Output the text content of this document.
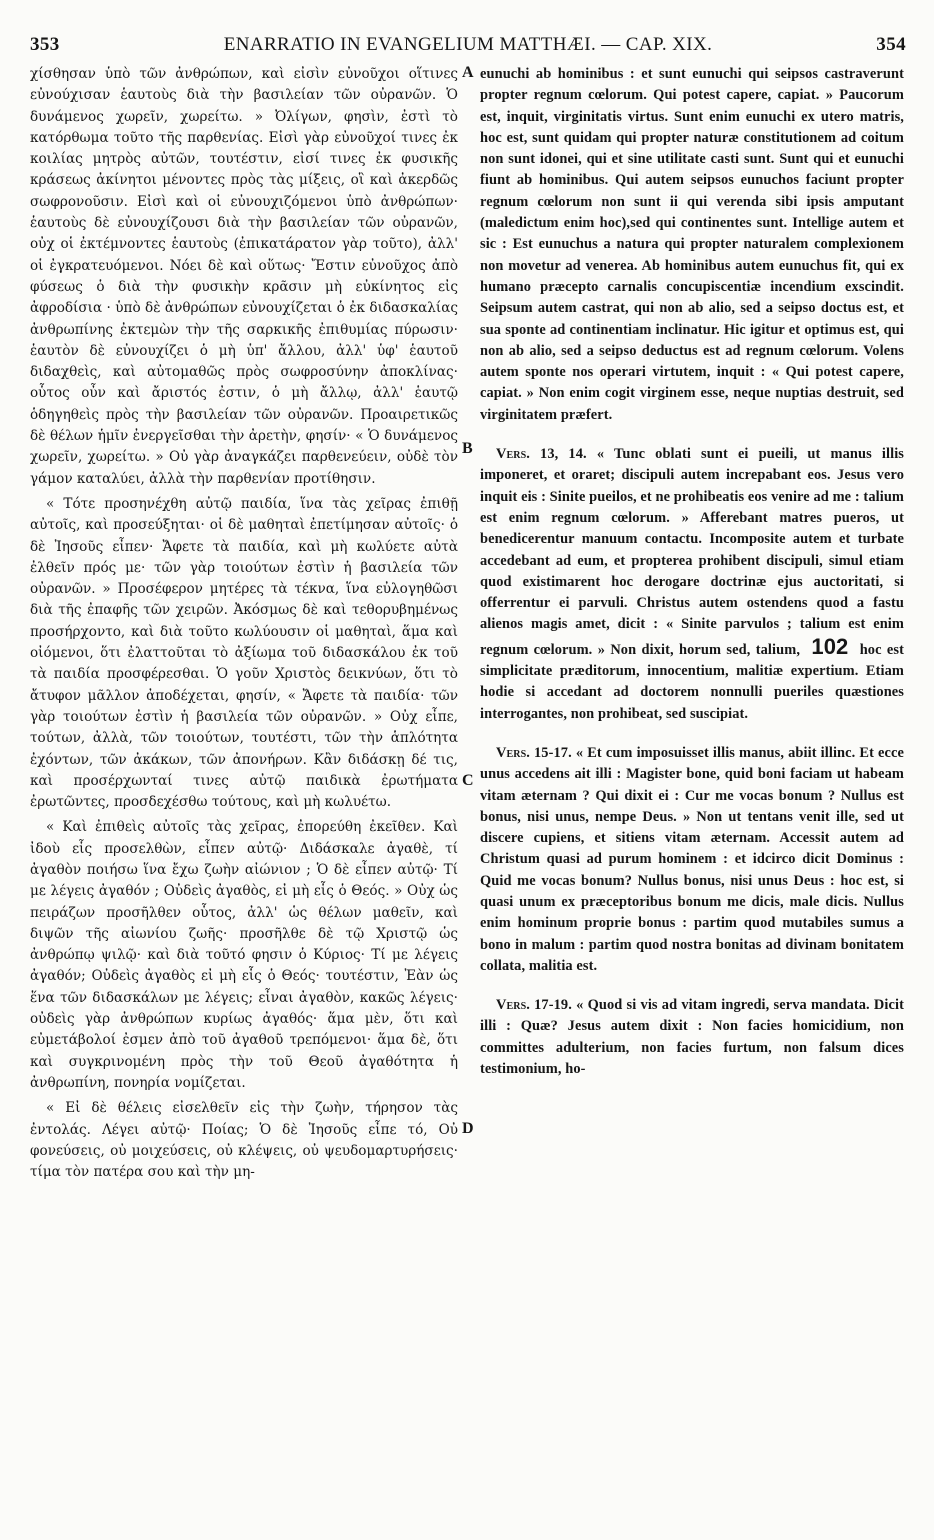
353	ENARRATIO IN EVANGELIUM MATTHÆI. — CAP. XIX.	354

χίσθησαν ὑπὸ τῶν ἀνθρώπων, καὶ εἰσὶν εὐνοῦχοι οἵτινες εὐνούχισαν ἑαυτοὺς διὰ τὴν βασιλείαν τῶν οὐρανῶν. Ὁ δυνάμενος χωρεῖν, χωρείτω. » Ὀλίγων, φησὶν, ἐστὶ τὸ κατόρθωμα τοῦτο τῆς παρθενίας. Εἰσὶ γὰρ εὐνοῦχοί τινες ἐκ κοιλίας μητρὸς αὐτῶν, τουτέστιν, εἰσί τινες ἐκ φυσικῆς κράσεως ἀκίνητοι μένοντες πρὸς τὰς μίξεις, οἳ καὶ ἀκερδῶς σωφρονοῦσιν. Εἰσὶ καὶ οἱ εὐνουχιζόμενοι ὑπὸ ἀνθρώπων· ἑαυτοὺς δὲ εὐνουχίζουσι διὰ τὴν βασιλείαν τῶν οὐρανῶν, οὐχ οἱ ἐκτέμνοντες ἑαυτοὺς (ἐπικατάρατον γὰρ τοῦτο), ἀλλ' οἱ ἐγκρατευόμενοι. Νόει δὲ καὶ οὕτως· Ἔστιν εὐνοῦχος ἀπὸ φύσεως ὁ διὰ τὴν φυσικὴν κρᾶσιν μὴ εὐκίνητος εἰς ἀφροδίσια · ὑπὸ δὲ ἀνθρώπων εὐνουχίζεται ὁ ἐκ διδασκαλίας ἀνθρωπίνης ἐκτεμὼν τὴν τῆς σαρκικῆς ἐπιθυμίας πύρωσιν· ἑαυτὸν δὲ εὐνουχίζει ὁ μὴ ὑπ' ἄλλου, ἀλλ' ὑφ' ἑαυτοῦ διδαχθεὶς, καὶ αὐτομαθῶς πρὸς σωφροσύνην ἀποκλίνας· οὗτος οὖν καὶ ἄριστός ἐστιν, ὁ μὴ ἄλλῳ, ἀλλ' ἑαυτῷ ὁδηγηθεὶς πρὸς τὴν βασιλείαν τῶν οὐρανῶν. Προαιρετικῶς δὲ θέλων ἡμῖν ἐνεργεῖσθαι τὴν ἀρετὴν, φησίν· « Ὁ δυνάμενος χωρεῖν, χωρείτω. » Οὐ γὰρ ἀναγκάζει παρθενεύειν, οὐδὲ τὸν γάμον καταλύει, ἀλλὰ τὴν παρθενίαν προτίθησιν.

« Τότε προσηνέχθη αὐτῷ παιδία, ἵνα τὰς χεῖρας ἐπιθῇ αὐτοῖς, καὶ προσεύξηται· οἱ δὲ μαθηταὶ ἐπετίμησαν αὐτοῖς· ὁ δὲ Ἰησοῦς εἶπεν· Ἄφετε τὰ παιδία, καὶ μὴ κωλύετε αὐτὰ ἐλθεῖν πρός με· τῶν γὰρ τοιούτων ἐστὶν ἡ βασιλεία τῶν οὐρανῶν. » Προσέφερον μητέρες τὰ τέκνα, ἵνα εὐλογηθῶσι διὰ τῆς ἐπαφῆς τῶν χειρῶν. Ἀκόσμως δὲ καὶ τεθορυβημένως προσήρχοντο, καὶ διὰ τοῦτο κωλύουσιν οἱ μαθηταὶ, ἅμα καὶ οἰόμενοι, ὅτι ἐλαττοῦται τὸ ἀξίωμα τοῦ διδασκάλου ἐκ τοῦ τὰ παιδία προσφέρεσθαι. Ὁ γοῦν Χριστὸς δεικνύων, ὅτι τὸ ἄτυφον μᾶλλον ἀποδέχεται, φησίν, « Ἄφετε τὰ παιδία· τῶν γὰρ τοιούτων ἐστὶν ἡ βασιλεία τῶν οὐρανῶν. » Οὐχ εἶπε, τούτων, ἀλλὰ, τῶν τοιούτων, τουτέστι, τῶν τὴν ἁπλότητα ἐχόντων, τῶν ἀκάκων, τῶν ἀπονήρων. Κἂν διδάσκῃ δέ τις, καὶ προσέρχωνταί τινες αὐτῷ παιδικὰ ἐρωτήματα ἐρωτῶντες, προσδεχέσθω τούτους, καὶ μὴ κωλυέτω.

« Καὶ ἐπιθεὶς αὐτοῖς τὰς χεῖρας, ἐπορεύθη ἐκεῖθεν. Καὶ ἰδοὺ εἷς προσελθὼν, εἶπεν αὐτῷ· Διδάσκαλε ἀγαθὲ, τί ἀγαθὸν ποιήσω ἵνα ἔχω ζωὴν αἰώνιον ; Ὁ δὲ εἶπεν αὐτῷ· Τί με λέγεις ἀγαθόν ; Οὐδεὶς ἀγαθὸς, εἰ μὴ εἷς ὁ Θεός. » Οὐχ ὡς πειράζων προσῆλθεν οὗτος, ἀλλ' ὡς θέλων μαθεῖν, καὶ διψῶν τῆς αἰωνίου ζωῆς· προσῆλθε δὲ τῷ Χριστῷ ὡς ἀνθρώπῳ ψιλῷ· καὶ διὰ τοῦτό φησιν ὁ Κύριος· Τί με λέγεις ἀγαθόν; Οὐδεὶς ἀγαθὸς εἰ μὴ εἷς ὁ Θεός· τουτέστιν, Ἐὰν ὡς ἕνα τῶν διδασκάλων με λέγεις; εἶναι ἀγαθὸν, κακῶς λέγεις· οὐδεὶς γὰρ ἀνθρώπων κυρίως ἀγαθός· ἅμα μὲν, ὅτι καὶ εὐμετάβολοί ἐσμεν ἀπὸ τοῦ ἀγαθοῦ τρεπόμενοι· ἅμα δὲ, ὅτι καὶ συγκρινομένη πρὸς τὴν τοῦ Θεοῦ ἀγαθότητα ἡ ἀνθρωπίνη, πονηρία νομίζεται.

« Εἰ δὲ θέλεις εἰσελθεῖν εἰς τὴν ζωὴν, τήρησον τὰς ἐντολάς. Λέγει αὐτῷ· Ποίας; Ὁ δὲ Ἰησοῦς εἶπε τό, Οὐ φονεύσεις, οὐ μοιχεύσεις, οὐ κλέψεις, οὐ ψευδομαρτυρήσεις· τίμα τὸν πατέρα σου καὶ τὴν μη-

A
B
C
D

eunuchi ab hominibus : et sunt eunuchi qui seipsos castraverunt propter regnum cœlorum. Qui potest capere, capiat. » Paucorum est, inquit, virginitatis virtus. Sunt enim eunuchi ex utero matris, hoc est, sunt quidam qui propter naturæ constitutionem ad coitum non sunt idonei, qui et sine utilitate casti sunt. Sunt qui et eunuchi fiunt ab hominibus. Qui autem seipsos eunuchos faciunt propter regnum cœlorum non sunt ii qui verenda sibi ipsis amputant (maledictum enim hoc),sed qui continentes sunt. Intellige autem et sic : Est eunuchus a natura qui propter naturalem complexionem non movetur ad venerea. Ab hominibus autem eunuchus fit, qui ex humano præcepto carnalis concupiscentiæ incendium exscindit. Seipsum autem castrat, qui non ab alio, sed a seipso doctus est, et sua sponte ad continentiam inclinatur. Hic igitur et optimus est, qui non ab alio, sed a seipso deductus est ad regnum cœlorum. Volens autem sponte nos operari virtutem, inquit : « Qui potest capere, capiat. » Non enim cogit virginem esse, neque nuptias destruit, sed virginitatem præfert.

Vers. 13, 14. « Tunc oblati sunt ei pueili, ut manus illis imponeret, et oraret; discipuli autem increpabant eos. Jesus vero inquit eis : Sinite pueilos, et ne prohibeatis eos venire ad me : talium est enim regnum cœlorum. » Afferebant matres pueros, ut benedicerentur manuum contactu. Incomposite autem et turbate accedebant ad eum, et propterea prohibent discipuli, simul etiam quod existimarent hoc derogare doctrinæ ejus auctoritati, si offerrentur ei parvuli. Christus autem ostendens quod a fastu alienos magis amet, dicit : « Sinite parvulos ; talium est enim regnum cœlorum. » Non dixit, horum sed, talium, 102 hoc est simplicitate præditorum, innocentium, malitiæ expertium. Etiam hodie si accedant ad doctorem nonnulli pueriles quæstiones interrogantes, non prohibeat, sed suscipiat.

Vers. 15-17. « Et cum imposuisset illis manus, abiit illinc. Et ecce unus accedens ait illi : Magister bone, quid boni faciam ut habeam vitam æternam ? Qui dixit ei : Cur me vocas bonum ? Nullus est bonus, nisi unus, nempe Deus. » Non ut tentans venit ille, sed ut discere cupiens, et sitiens vitam æternam. Accessit autem ad Christum quasi ad purum hominem : et idcirco dicit Dominus : Quid me vocas bonum? Nullus bonus, nisi unus Deus : hoc est, si quasi unum ex præceptoribus bonum me dicis, male dicis. Nullus enim hominum proprie bonus : partim quod mutabiles sumus a bono in malum : partim quod nostra bonitas ad divinam bonitatem collata, malitia est.

Vers. 17-19. « Quod si vis ad vitam ingredi, serva mandata. Dicit illi : Quæ? Jesus autem dixit : Non facies homicidium, non committes adulterium, non facies furtum, non falsum dices testimonium, ho-
